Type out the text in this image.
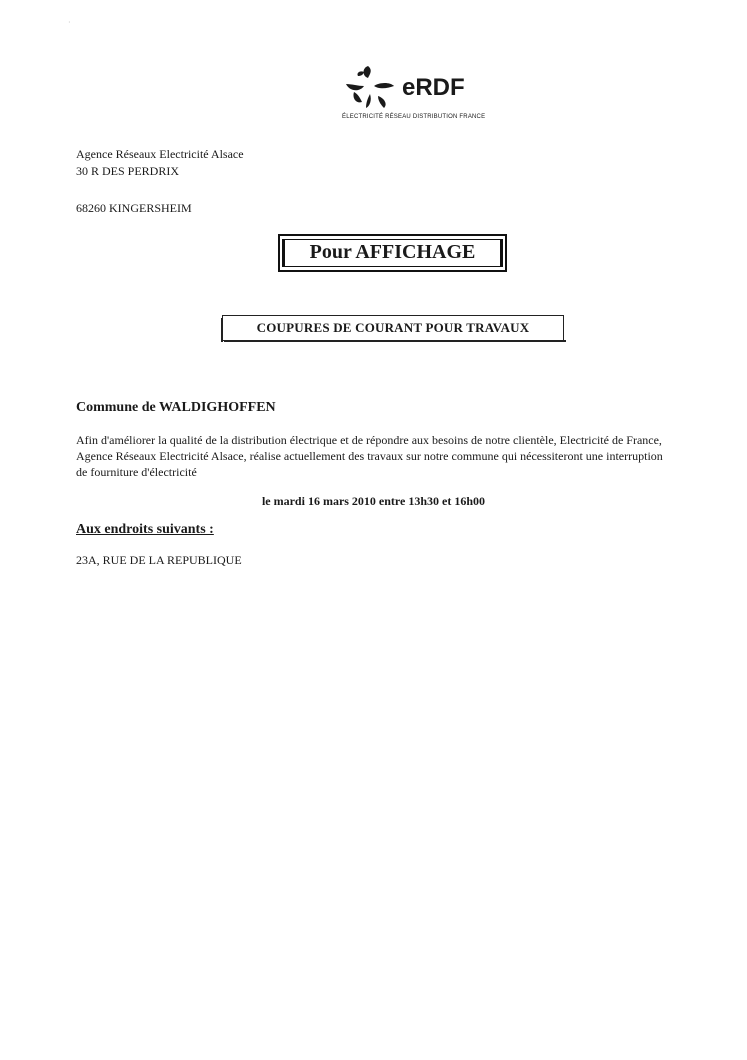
·
eRDF
ÉLECTRICITÉ RÉSEAU DISTRIBUTION FRANCE
Agence Réseaux Electricité Alsace
30 R DES PERDRIX
68260 KINGERSHEIM
Pour AFFICHAGE
COUPURES DE COURANT POUR TRAVAUX
Commune de WALDIGHOFFEN
Afin d'améliorer la qualité de la distribution électrique et de répondre aux besoins de notre clientèle, Electricité de France, Agence Réseaux Electricité Alsace, réalise actuellement des travaux sur notre commune qui nécessiteront une interruption de fourniture d'électricité
le mardi 16 mars 2010 entre 13h30 et 16h00
Aux endroits suivants :
23A, RUE DE LA REPUBLIQUE
